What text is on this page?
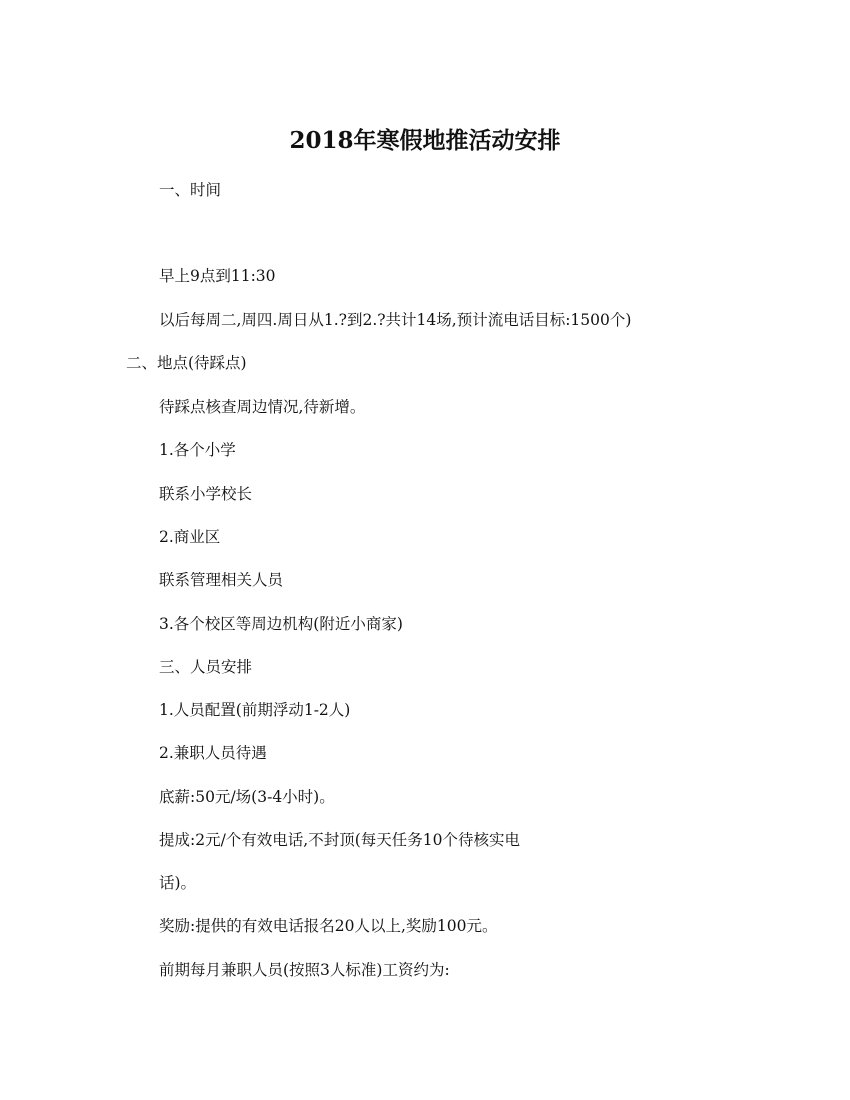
2018年寒假地推活动安排
一、时间
早上9点到11:30
以后每周二,周四.周日从1.?到2.?共计14场,预计流电话目标:1500个)
二、地点(待踩点)
待踩点核查周边情况,待新增。
1.各个小学
联系小学校长
2.商业区
联系管理相关人员
3.各个校区等周边机构(附近小商家)
三、人员安排
1.人员配置(前期浮动1-2人)
2.兼职人员待遇
底薪:50元/场(3-4小时)。
提成:2元/个有效电话,不封顶(每天任务10个待核实电
话)。
奖励:提供的有效电话报名20人以上,奖励100元。
前期每月兼职人员(按照3人标准)工资约为:
